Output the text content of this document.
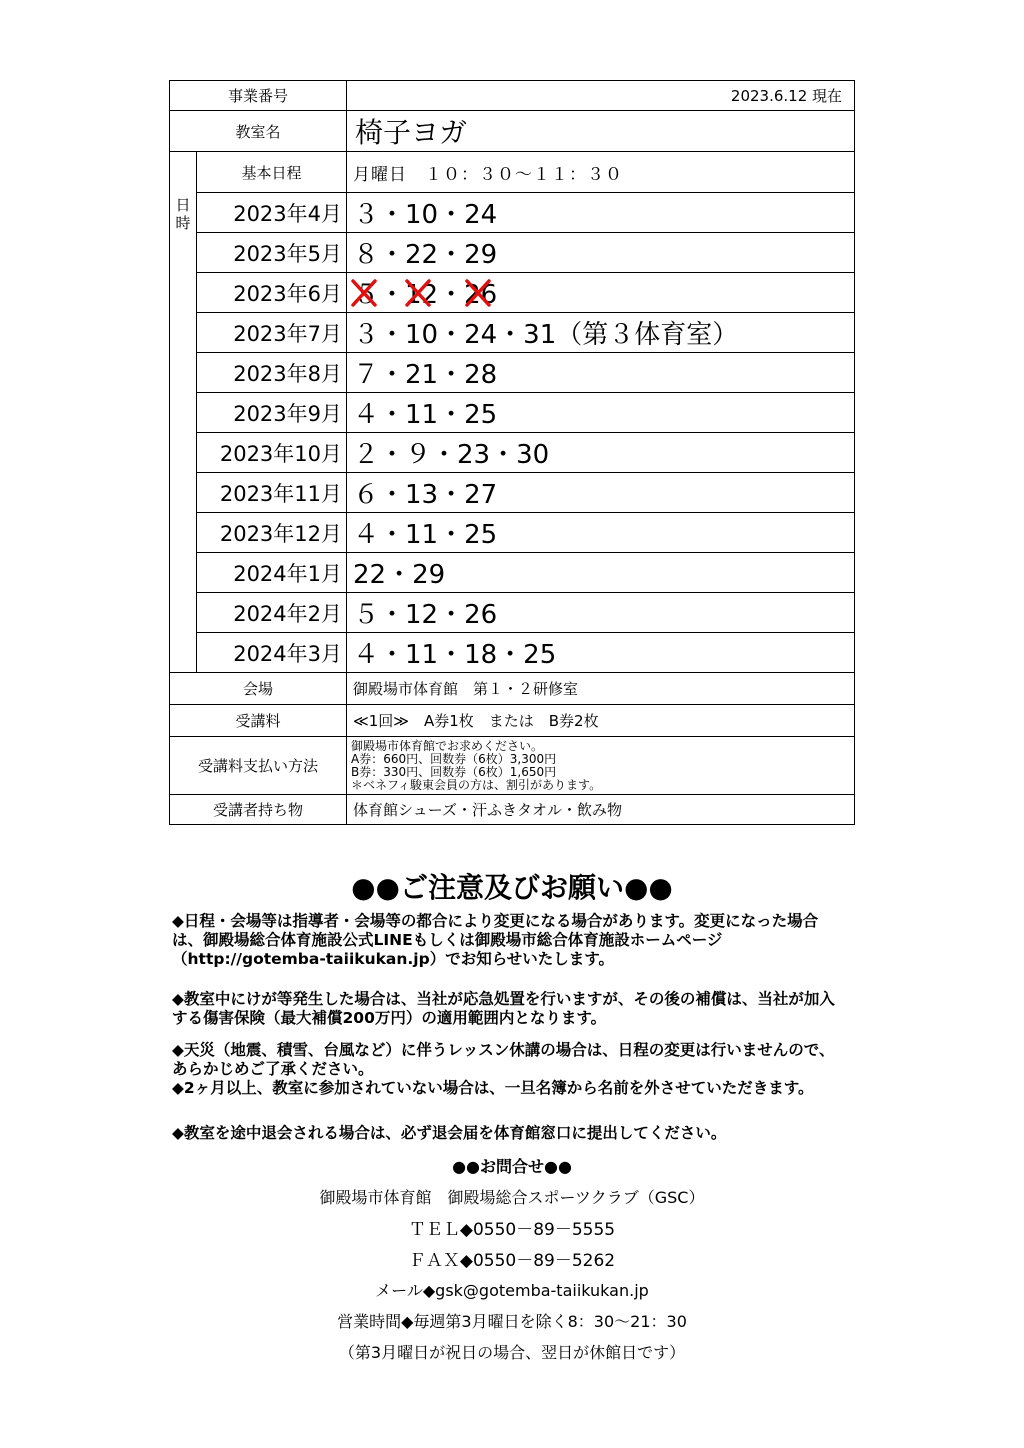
事業番号		2023.6.12 現在
教室名		椅子ヨガ

日時	基本日程	月曜日　１０：３０～１１：３０
	2023年4月	３・10・24
	2023年5月	８・22・29
	2023年6月	５・12・26

	2023年7月	３・10・24・31（第３体育室）
	2023年8月	７・21・28
	2023年9月	４・11・25
	2023年10月	２・９・23・30
	2023年11月	６・13・27
	2023年12月	４・11・25
	2024年1月	22・29
	2024年2月	５・12・26
	2024年3月	４・11・18・25
会場		御殿場市体育館　第１・２研修室
受講料		≪1回≫　A券1枚　または　B券2枚
受講料支払い方法		御殿場市体育館でお求めください。
A券：660円、回数券（6枚）3,300円
B券：330円、回数券（6枚）1,650円
＊ベネフィ駿東会員の方は、割引があります。

受講者持ち物		体育館シューズ・汗ふきタオル・飲み物
●●ご注意及びお願い●●
◆日程・会場等は指導者・会場等の都合により変更になる場合があります。変更になった場合は、御殿場総合体育施設公式LINEもしくは御殿場市総合体育施設ホームページ（http://gotemba-taiikukan.jp）でお知らせいたします。
◆教室中にけが等発生した場合は、当社が応急処置を行いますが、その後の補償は、当社が加入する傷害保険（最大補償200万円）の適用範囲内となります。
◆天災（地震、積雪、台風など）に伴うレッスン休講の場合は、日程の変更は行いませんので、あらかじめご了承ください。
◆2ヶ月以上、教室に参加されていない場合は、一旦名簿から名前を外させていただきます。
◆教室を途中退会される場合は、必ず退会届を体育館窓口に提出してください。
●●お問合せ●●
御殿場市体育館　御殿場総合スポーツクラブ（GSC）
ＴＥＬ◆0550－89－5555
ＦＡＸ◆0550－89－5262
メール◆gsk@gotemba-taiikukan.jp
営業時間◆毎週第3月曜日を除く8：30～21：30
（第3月曜日が祝日の場合、翌日が休館日です）
